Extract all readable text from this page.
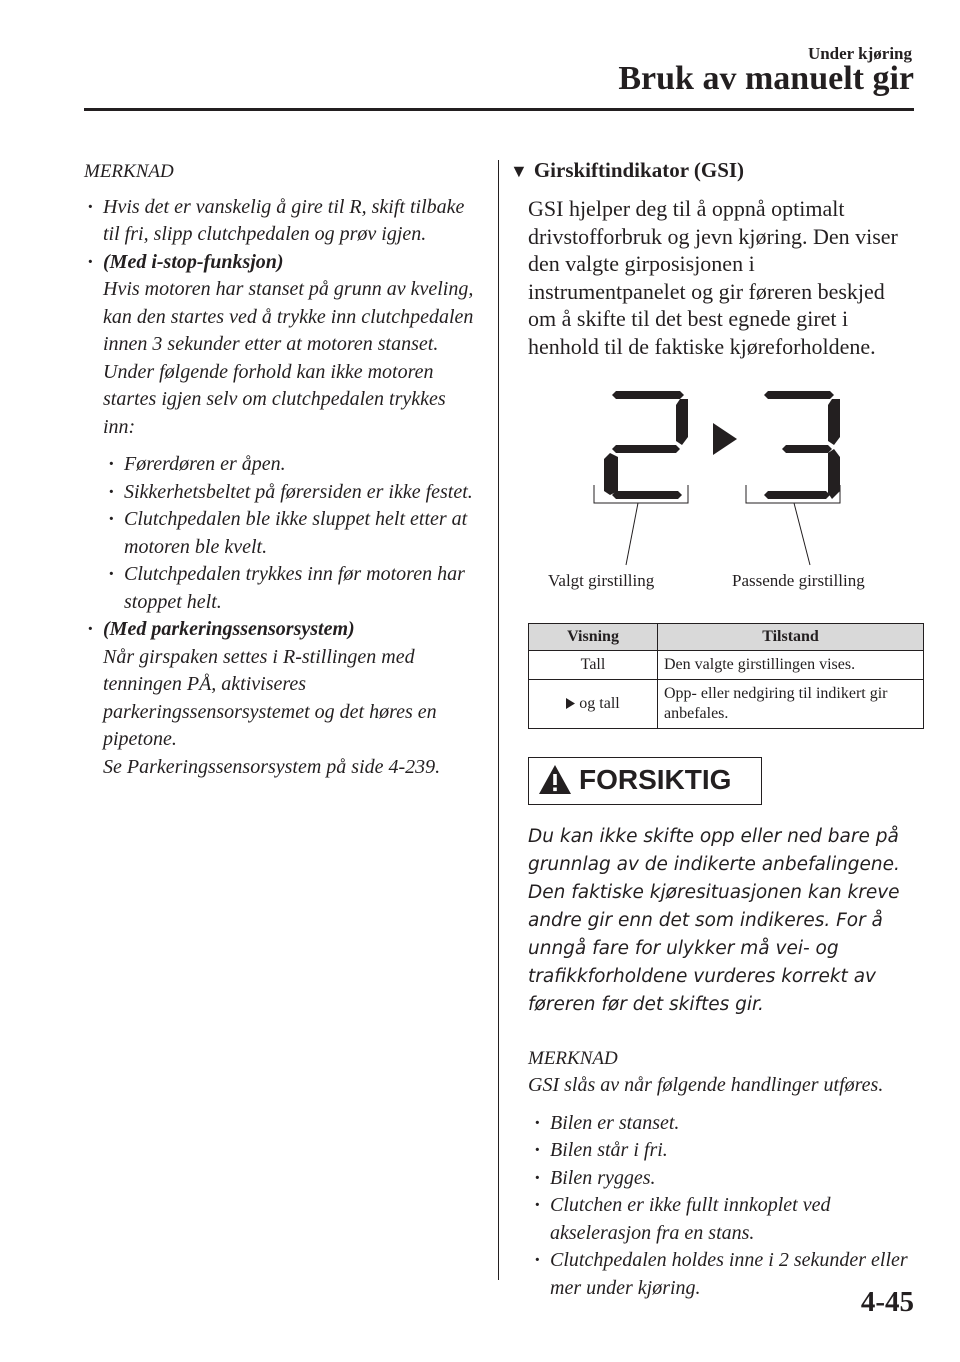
Under kjøring
Bruk av manuelt gir
MERKNAD
· Hvis det er vanskelig å gire til R, skift tilbake til fri, slipp clutchpedalen og prøv igjen.
· (Med i-stop-funksjon)
Hvis motoren har stanset på grunn av kveling, kan den startes ved å trykke inn clutchpedalen innen 3 sekunder etter at motoren stanset.
Under følgende forhold kan ikke motoren startes igjen selv om clutchpedalen trykkes inn:
· Førerdøren er åpen.
· Sikkerhetsbeltet på førersiden er ikke festet.
· Clutchpedalen ble ikke sluppet helt etter at motoren ble kvelt.
· Clutchpedalen trykkes inn før motoren har stoppet helt.
· (Med parkeringssensorsystem)
Når girspaken settes i R-stillingen med tenningen PÅ, aktiviseres parkeringssensorsystemet og det høres en pipetone.
Se Parkeringssensorsystem på side 4-239.
▼ Girskiftindikator (GSI)
GSI hjelper deg til å oppnå optimalt drivstofforbruk og jevn kjøring. Den viser den valgte girposisjonen i instrumentpanelet og gir føreren beskjed om å skifte til det best egnede giret i henhold til de faktiske kjøreforholdene.
Valgt girstilling	Passende girstilling
Visning	Tilstand
Tall	Den valgte girstillingen vises.
og tall	Opp- eller nedgiring til indikert gir anbefales.
FORSIKTIG
Du kan ikke skifte opp eller ned bare på grunnlag av de indikerte anbefalingene. Den faktiske kjøresituasjonen kan kreve andre gir enn det som indikeres. For å unngå fare for ulykker må vei- og trafikkforholdene vurderes korrekt av føreren før det skiftes gir.
MERKNAD
GSI slås av når følgende handlinger utføres.
· Bilen er stanset.
· Bilen står i fri.
· Bilen rygges.
· Clutchen er ikke fullt innkoplet ved akselerasjon fra en stans.
· Clutchpedalen holdes inne i 2 sekunder eller mer under kjøring.	4-45
